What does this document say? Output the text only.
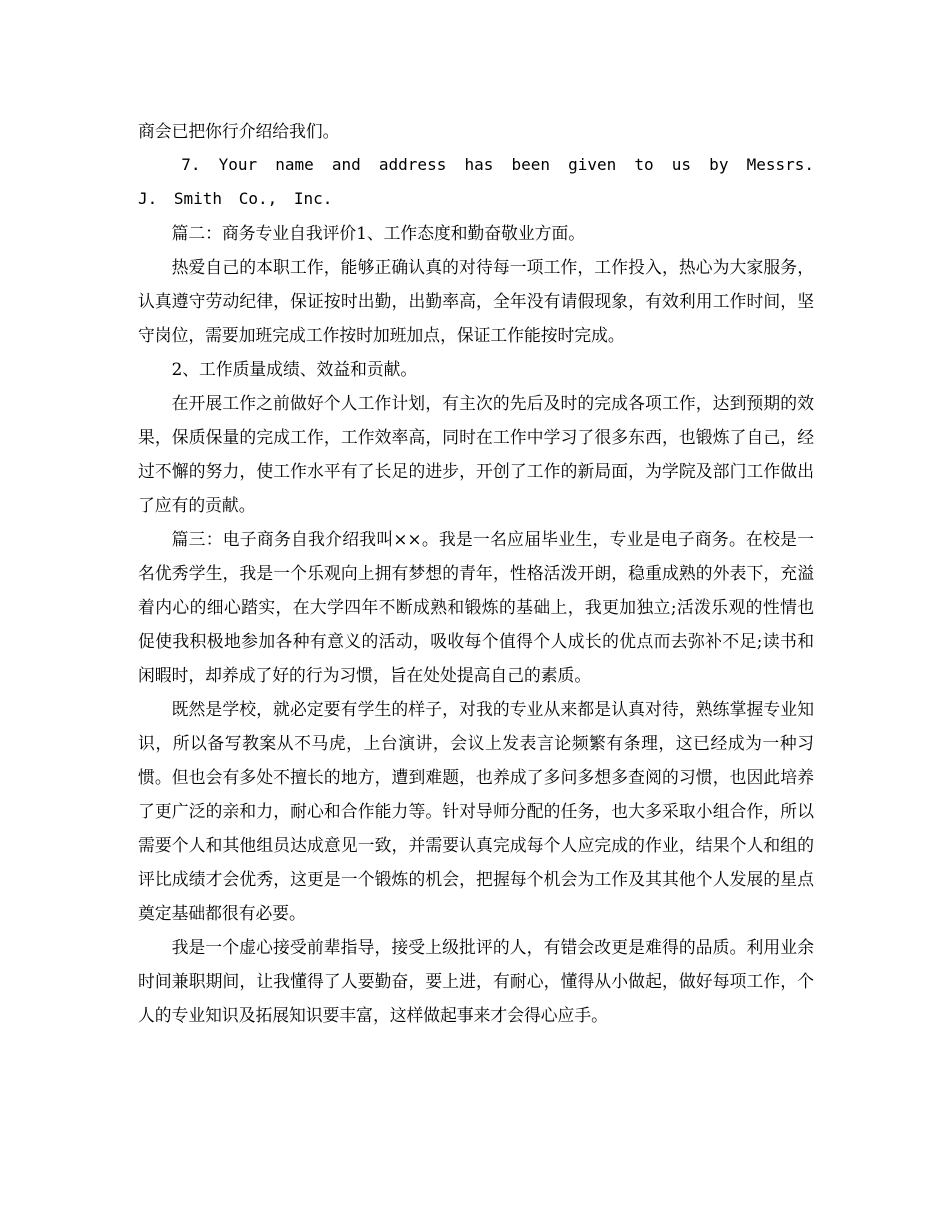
商会已把你行介绍给我们。

7. Your name and address has been given to us by Messrs. J. Smith Co., Inc.

篇二：商务专业自我评价1、工作态度和勤奋敬业方面。

热爱自己的本职工作，能够正确认真的对待每一项工作，工作投入，热心为大家服务，认真遵守劳动纪律，保证按时出勤，出勤率高，全年没有请假现象，有效利用工作时间，坚守岗位，需要加班完成工作按时加班加点，保证工作能按时完成。

2、工作质量成绩、效益和贡献。

在开展工作之前做好个人工作计划，有主次的先后及时的完成各项工作，达到预期的效果，保质保量的完成工作，工作效率高，同时在工作中学习了很多东西，也锻炼了自己，经过不懈的努力，使工作水平有了长足的进步，开创了工作的新局面，为学院及部门工作做出了应有的贡献。

篇三：电子商务自我介绍我叫××。我是一名应届毕业生，专业是电子商务。在校是一名优秀学生，我是一个乐观向上拥有梦想的青年，性格活泼开朗，稳重成熟的外表下，充溢着内心的细心踏实，在大学四年不断成熟和锻炼的基础上，我更加独立;活泼乐观的性情也促使我积极地参加各种有意义的活动，吸收每个值得个人成长的优点而去弥补不足;读书和闲暇时，却养成了好的行为习惯，旨在处处提高自己的素质。

既然是学校，就必定要有学生的样子，对我的专业从来都是认真对待，熟练掌握专业知识，所以备写教案从不马虎，上台演讲，会议上发表言论频繁有条理，这已经成为一种习惯。但也会有多处不擅长的地方，遭到难题，也养成了多问多想多查阅的习惯，也因此培养了更广泛的亲和力，耐心和合作能力等。针对导师分配的任务，也大多采取小组合作，所以需要个人和其他组员达成意见一致，并需要认真完成每个人应完成的作业，结果个人和组的评比成绩才会优秀，这更是一个锻炼的机会，把握每个机会为工作及其其他个人发展的星点奠定基础都很有必要。

我是一个虚心接受前辈指导，接受上级批评的人，有错会改更是难得的品质。利用业余时间兼职期间，让我懂得了人要勤奋，要上进，有耐心，懂得从小做起，做好每项工作，个人的专业知识及拓展知识要丰富，这样做起事来才会得心应手。
